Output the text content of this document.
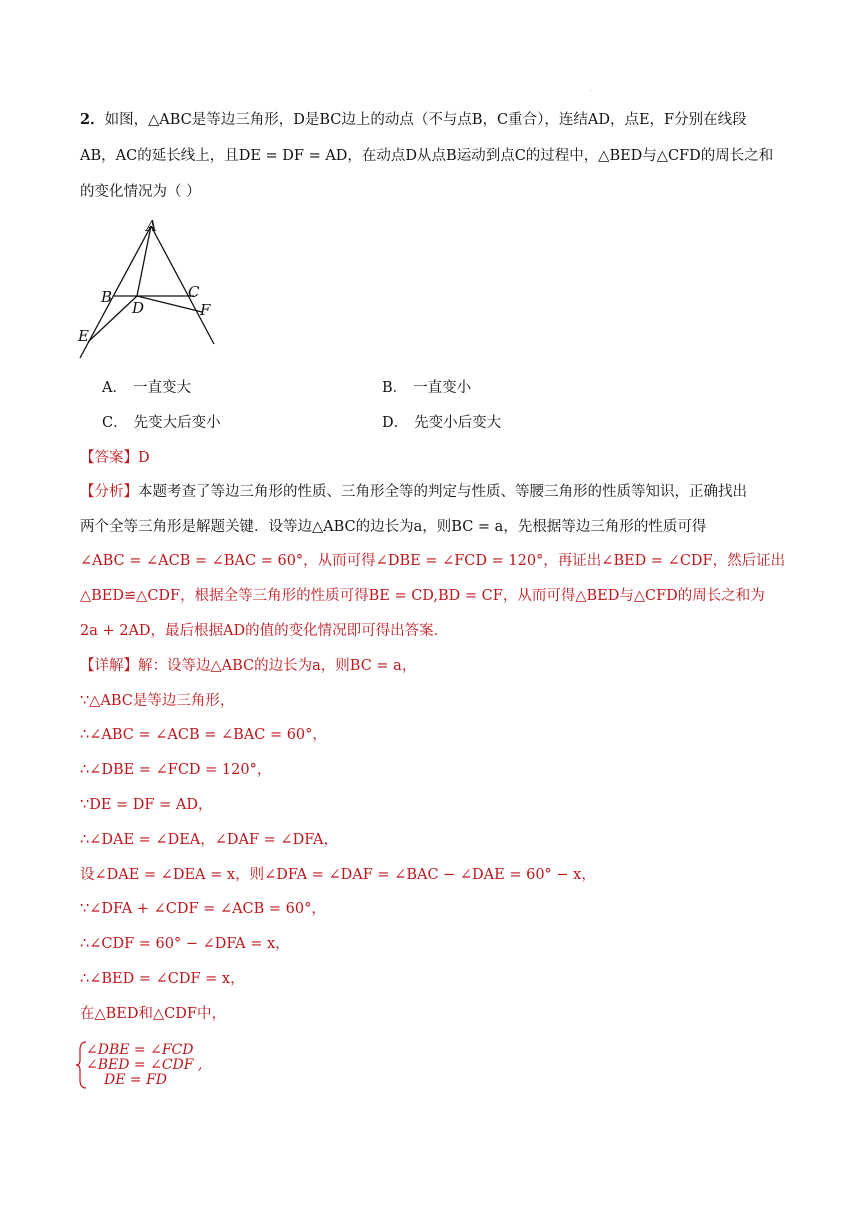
·
2．如图，△ABC是等边三角形，D是BC边上的动点（不与点B，C重合），连结AD，点E，F分别在线段
AB，AC的延长线上，且DE = DF = AD，在动点D从点B运动到点C的过程中，△BED与△CFD的周长之和
的变化情况为（ ）
A
B	C
D
E
F
A． 一直变大	B． 一直变小
C． 先变大后变小	D． 先变小后变大
【答案】D
【分析】本题考查了等边三角形的性质、三角形全等的判定与性质、等腰三角形的性质等知识，正确找出
两个全等三角形是解题关键．设等边△ABC的边长为a，则BC = a，先根据等边三角形的性质可得
∠ABC = ∠ACB = ∠BAC = 60°，从而可得∠DBE = ∠FCD = 120°，再证出∠BED = ∠CDF，然后证出
△BED≌△CDF，根据全等三角形的性质可得BE = CD,BD = CF，从而可得△BED与△CFD的周长之和为
2a + 2AD，最后根据AD的值的变化情况即可得出答案．
【详解】解：设等边△ABC的边长为a，则BC = a，
∵△ABC是等边三角形，
∴∠ABC = ∠ACB = ∠BAC = 60°，
∴∠DBE = ∠FCD = 120°，
∵DE = DF = AD，
∴∠DAE = ∠DEA，∠DAF = ∠DFA，
设∠DAE = ∠DEA = x，则∠DFA = ∠DAF = ∠BAC − ∠DAE = 60° − x，
∵∠DFA + ∠CDF = ∠ACB = 60°，
∴∠CDF = 60° − ∠DFA = x，
∴∠BED = ∠CDF = x，
在△BED和△CDF中，
∠DBE = ∠FCD
∠BED = ∠CDF ,
DE = FD
